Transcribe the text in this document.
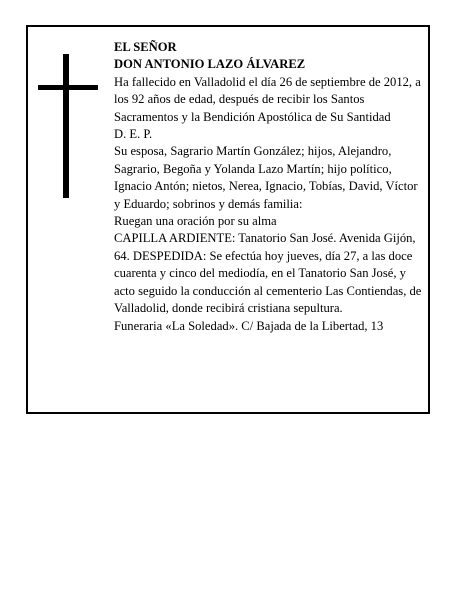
EL SEÑOR

DON ANTONIO LAZO ÁLVAREZ

Ha fallecido en Valladolid el día 26 de septiembre de 2012, a los 92 años de edad, después de recibir los Santos Sacramentos y la Bendición Apostólica de Su Santidad

D. E. P.

Su esposa, Sagrario Martín González; hijos, Alejandro, Sagrario, Begoña y Yolanda Lazo Martín; hijo político, Ignacio Antón; nietos, Nerea, Ignacio, Tobías, David, Víctor y Eduardo; sobrinos y demás familia:

Ruegan una oración por su alma

CAPILLA ARDIENTE: Tanatorio San José. Avenida Gijón, 64. DESPEDIDA: Se efectúa hoy jueves, día 27, a las doce cuarenta y cinco del mediodía, en el Tanatorio San José, y acto seguido la conducción al cementerio Las Contiendas, de Valladolid, donde recibirá cristiana sepultura.

Funeraria «La Soledad». C/ Bajada de la Libertad, 13
